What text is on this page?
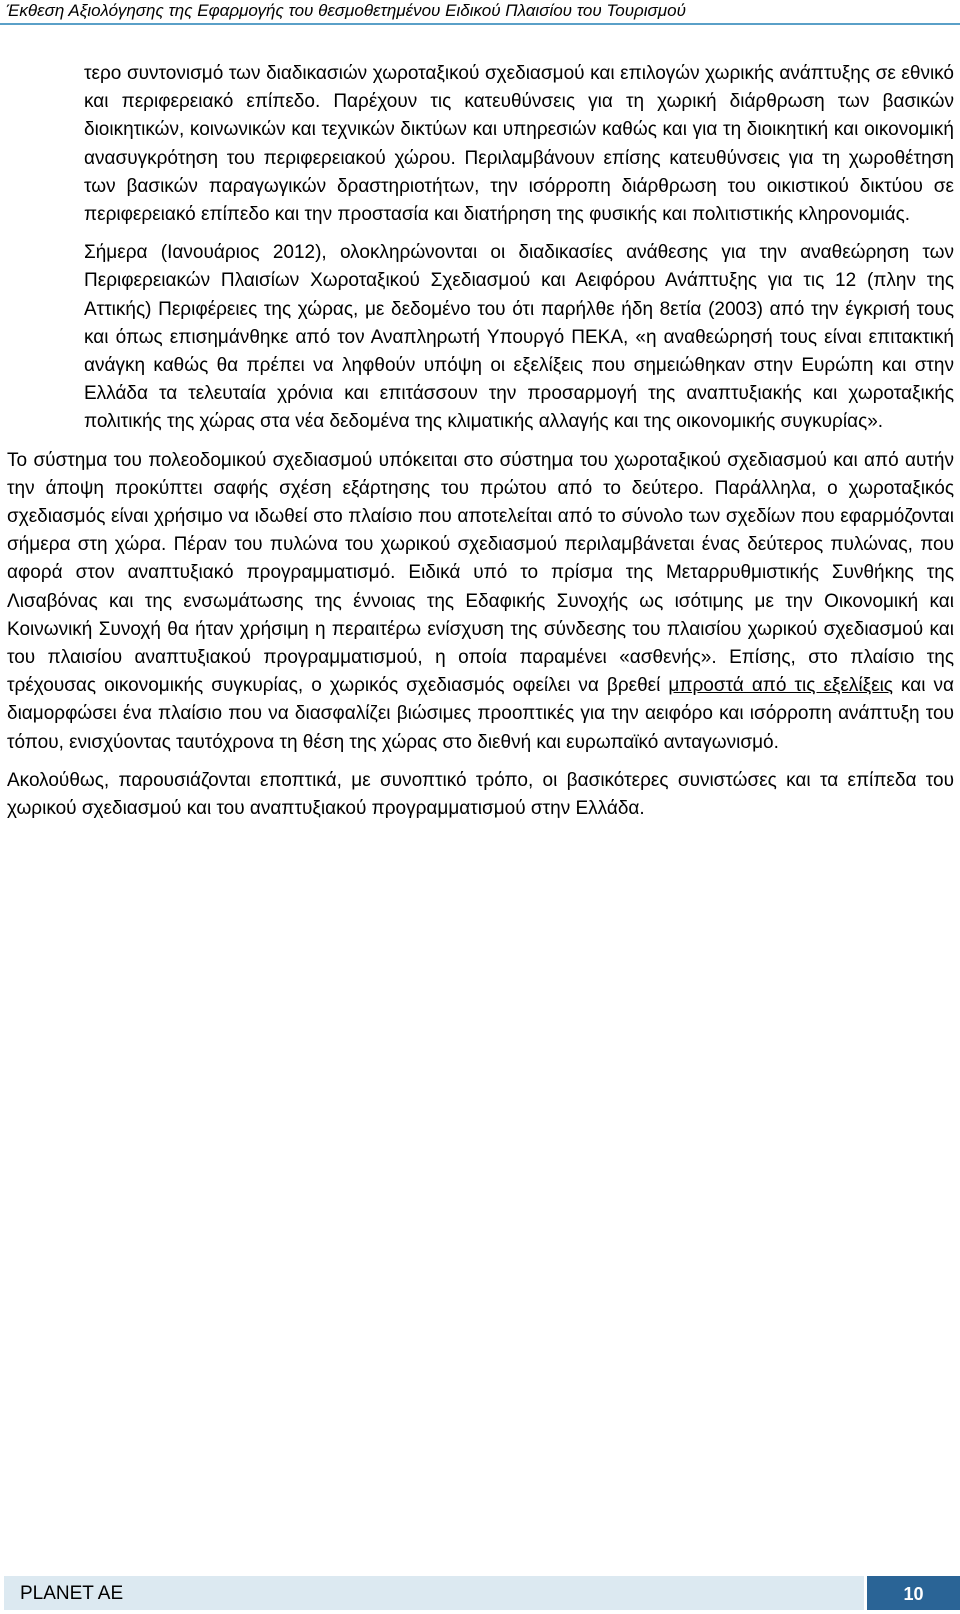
Έκθεση Αξιολόγησης της Εφαρμογής του θεσμοθετημένου Ειδικού Πλαισίου του Τουρισμού

τερο συντονισμό των διαδικασιών χωροταξικού σχεδιασμού και επιλογών χωρικής ανάπτυξης σε εθνικό και περιφερειακό επίπεδο. Παρέχουν τις κατευθύνσεις για τη χωρική διάρθρωση των βασικών διοικητικών, κοινωνικών και τεχνικών δικτύων και υπηρεσιών καθώς και για τη διοικητική και οικονομική ανασυγκρότηση του περιφερειακού χώρου. Περιλαμβάνουν επίσης κατευθύνσεις για τη χωροθέτηση των βασικών παραγωγικών δραστηριοτήτων, την ισόρροπη διάρθρωση του οικιστικού δικτύου σε περιφερειακό επίπεδο και την προστασία και διατήρηση της φυσικής και πολιτιστικής κληρονομιάς.

Σήμερα (Ιανουάριος 2012), ολοκληρώνονται οι διαδικασίες ανάθεσης για την αναθεώρηση των Περιφερειακών Πλαισίων Χωροταξικού Σχεδιασμού και Αειφόρου Ανάπτυξης για τις 12 (πλην της Αττικής) Περιφέρειες της χώρας, με δεδομένο του ότι παρήλθε ήδη 8ετία (2003) από την έγκρισή τους και όπως επισημάνθηκε από τον Αναπληρωτή Υπουργό ΠΕΚΑ, «η αναθεώρησή τους είναι επιτακτική ανάγκη καθώς θα πρέπει να ληφθούν υπόψη οι εξελίξεις που σημειώθηκαν στην Ευρώπη και στην Ελλάδα τα τελευταία χρόνια και επιτάσσουν την προσαρμογή της αναπτυξιακής και χωροταξικής πολιτικής της χώρας στα νέα δεδομένα της κλιματικής αλλαγής και της οικονομικής συγκυρίας».

Το σύστημα του πολεοδομικού σχεδιασμού υπόκειται στο σύστημα του χωροταξικού σχεδιασμού και από αυτήν την άποψη προκύπτει σαφής σχέση εξάρτησης του πρώτου από το δεύτερο. Παράλληλα, ο χωροταξικός σχεδιασμός είναι χρήσιμο να ιδωθεί στο πλαίσιο που αποτελείται από το σύνολο των σχεδίων που εφαρμόζονται σήμερα στη χώρα. Πέραν του πυλώνα του χωρικού σχεδιασμού περιλαμβάνεται ένας δεύτερος πυλώνας, που αφορά στον αναπτυξιακό προγραμματισμό. Ειδικά υπό το πρίσμα της Μεταρρυθμιστικής Συνθήκης της Λισαβόνας και της ενσωμάτωσης της έννοιας της Εδαφικής Συνοχής ως ισότιμης με την Οικονομική και Κοινωνική Συνοχή θα ήταν χρήσιμη η περαιτέρω ενίσχυση της σύνδεσης του πλαισίου χωρικού σχεδιασμού και του πλαισίου αναπτυξιακού προγραμματισμού, η οποία παραμένει «ασθενής». Επίσης, στο πλαίσιο της τρέχουσας οικονομικής συγκυρίας, ο χωρικός σχεδιασμός οφείλει να βρεθεί μπροστά από τις εξελίξεις και να διαμορφώσει ένα πλαίσιο που να διασφαλίζει βιώσιμες προοπτικές για την αειφόρο και ισόρροπη ανάπτυξη του τόπου, ενισχύοντας ταυτόχρονα τη θέση της χώρας στο διεθνή και ευρωπαϊκό ανταγωνισμό.

Ακολούθως, παρουσιάζονται εποπτικά, με συνοπτικό τρόπο, οι βασικότερες συνιστώσες και τα επίπεδα του χωρικού σχεδιασμού και του αναπτυξιακού προγραμματισμού στην Ελλάδα.

PLANET AE	10
